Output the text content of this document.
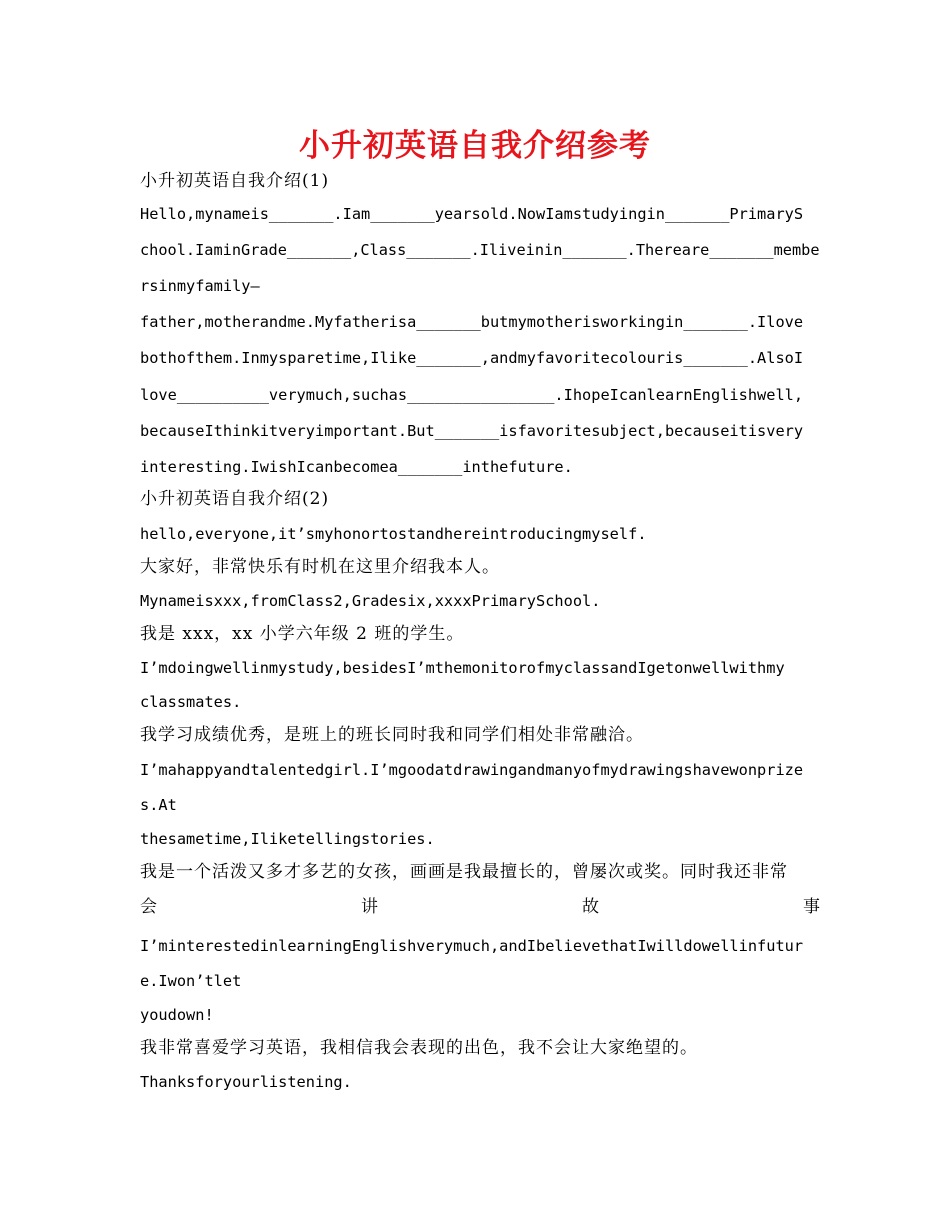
小升初英语自我介绍参考
小升初英语自我介绍(1)
Hello,mynameis_______.Iam_______yearsold.NowIamstudyingin_______PrimaryS
chool.IaminGrade_______,Class_______.Iliveinin_______.Thereare_______membe
rsinmyfamily—
father,motherandme.Myfatherisa_______butmymotherisworkingin_______.Ilove
bothofthem.Inmysparetime,Ilike_______,andmyfavoritecolouris_______.AlsoI
love__________verymuch,suchas________________.IhopeIcanlearnEnglishwell,
becauseIthinkitveryimportant.But_______isfavoritesubject,becauseitisvery
interesting.IwishIcanbecomea_______inthefuture.
小升初英语自我介绍(2)
hello,everyone,it’smyhonortostandhereintroducingmyself.
大家好，非常快乐有时机在这里介绍我本人。
Mynameisxxx,fromClass2,Gradesix,xxxxPrimarySchool.
我是 xxx，xx 小学六年级 2 班的学生。
I’mdoingwellinmystudy,besidesI’mthemonitorofmyclassandIgetonwellwithmy
classmates.
我学习成绩优秀，是班上的班长同时我和同学们相处非常融洽。
I’mahappyandtalentedgirl.I’mgoodatdrawingandmanyofmydrawingshavewonprize
s.At
thesametime,Iliketellingstories.
我是一个活泼又多才多艺的女孩，画画是我最擅长的，曾屡次或奖。同时我还非常
会	讲	故	事
I’minterestedinlearningEnglishverymuch,andIbelievethatIwilldowellinfutur
e.Iwon’tlet
youdown!
我非常喜爱学习英语，我相信我会表现的出色，我不会让大家绝望的。
Thanksforyourlistening.
